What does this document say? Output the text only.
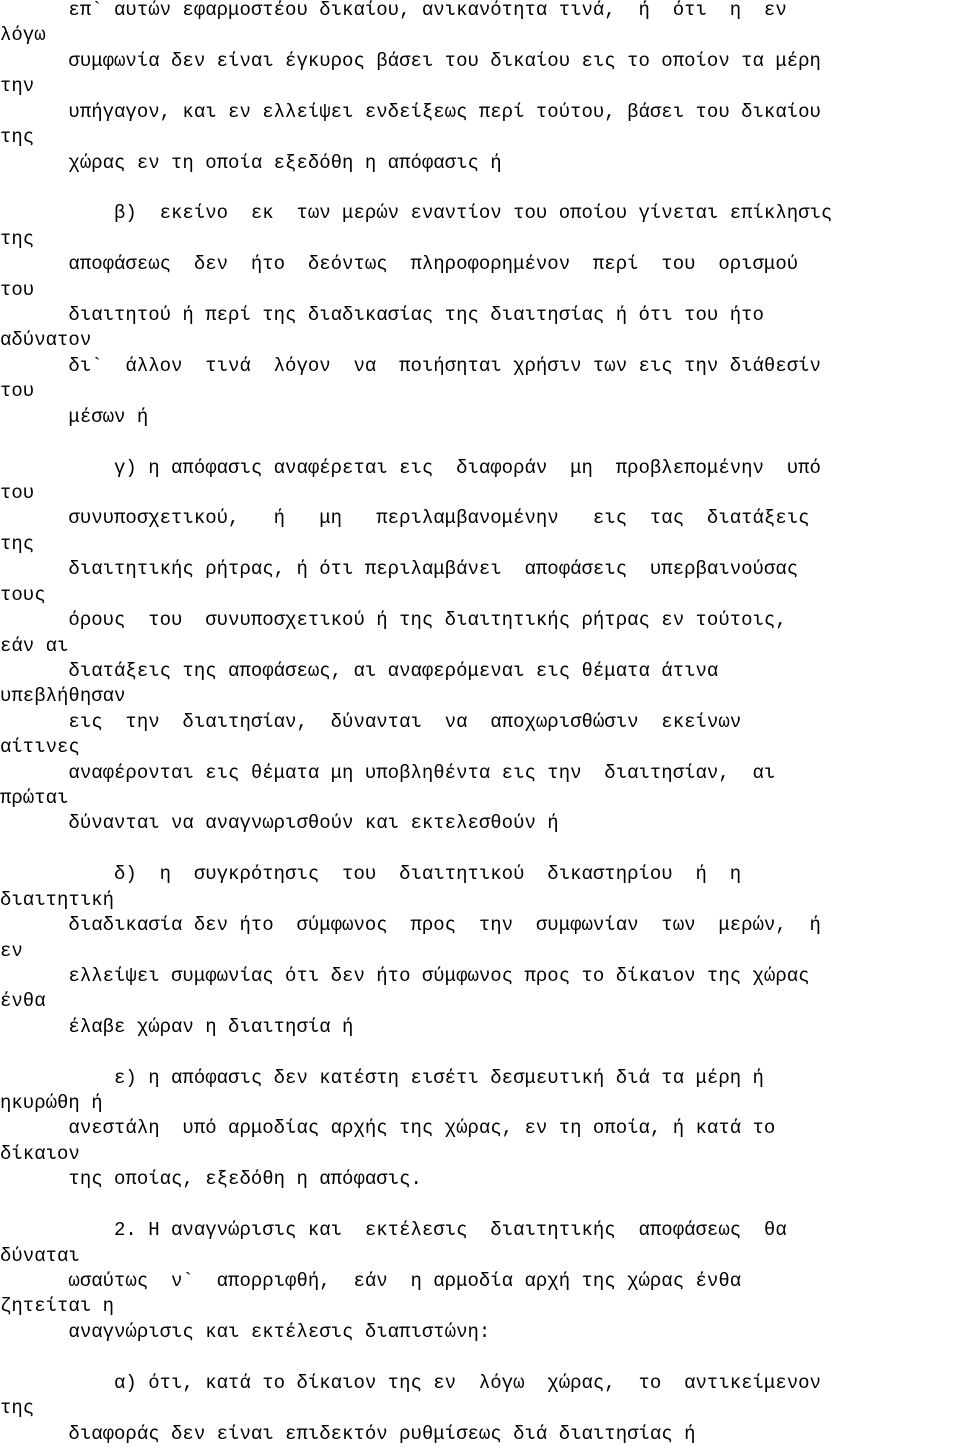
επ` αυτών εφαρμοστέου δικαίου, ανικανότητα τινά,  ή  ότι  η  εν
λόγω
συμφωνία δεν είναι έγκυρος βάσει του δικαίου εις το οποίον τα μέρη
την
υπήγαγον, και εν ελλείψει ενδείξεως περί τούτου, βάσει του δικαίου
της
χώρας εν τη οποία εξεδόθη η απόφασις ή
β)  εκείνο  εκ  των μερών εναντίον του οποίου γίνεται επίκλησις
της
αποφάσεως  δεν  ήτο  δεόντως  πληροφορημένον  περί  του  ορισμού
του
διαιτητού ή περί της διαδικασίας της διαιτησίας ή ότι του ήτο
αδύνατον
δι`  άλλον  τινά  λόγον  να  ποιήσηται χρήσιν των εις την διάθεσίν
του
μέσων ή
γ) η απόφασις αναφέρεται εις  διαφοράν  μη  προβλεπομένην  υπό
του
συνυποσχετικού,   ή   μη   περιλαμβανομένην   εις  τας  διατάξεις
της
διαιτητικής ρήτρας, ή ότι περιλαμβάνει  αποφάσεις  υπερβαινούσας
τους
όρους  του  συνυποσχετικού ή της διαιτητικής ρήτρας εν τούτοις,
εάν αι
διατάξεις της αποφάσεως, αι αναφερόμεναι εις θέματα άτινα
υπεβλήθησαν
εις  την  διαιτησίαν,  δύνανται  να  αποχωρισθώσιν  εκείνων
αίτινες
αναφέρονται εις θέματα μη υποβληθέντα εις την  διαιτησίαν,  αι
πρώται
δύνανται να αναγνωρισθούν και εκτελεσθούν ή
δ)  η  συγκρότησις  του  διαιτητικού  δικαστηρίου  ή  η
διαιτητική
διαδικασία δεν ήτο  σύμφωνος  προς  την  συμφωνίαν  των  μερών,  ή
εν
ελλείψει συμφωνίας ότι δεν ήτο σύμφωνος προς το δίκαιον της χώρας
ένθα
έλαβε χώραν η διαιτησία ή
ε) η απόφασις δεν κατέστη εισέτι δεσμευτική διά τα μέρη ή
ηκυρώθη ή
ανεστάλη  υπό αρμοδίας αρχής της χώρας, εν τη οποία, ή κατά το
δίκαιον
της οποίας, εξεδόθη η απόφασις.
2. Η αναγνώρισις και  εκτέλεσις  διαιτητικής  αποφάσεως  θα
δύναται
ωσαύτως  ν`  απορριφθή,  εάν  η αρμοδία αρχή της χώρας ένθα
ζητείται η
αναγνώρισις και εκτέλεσις διαπιστώνη:
α) ότι, κατά το δίκαιον της εν  λόγω  χώρας,  το  αντικείμενον
της
διαφοράς δεν είναι επιδεκτόν ρυθμίσεως διά διαιτησίας ή
